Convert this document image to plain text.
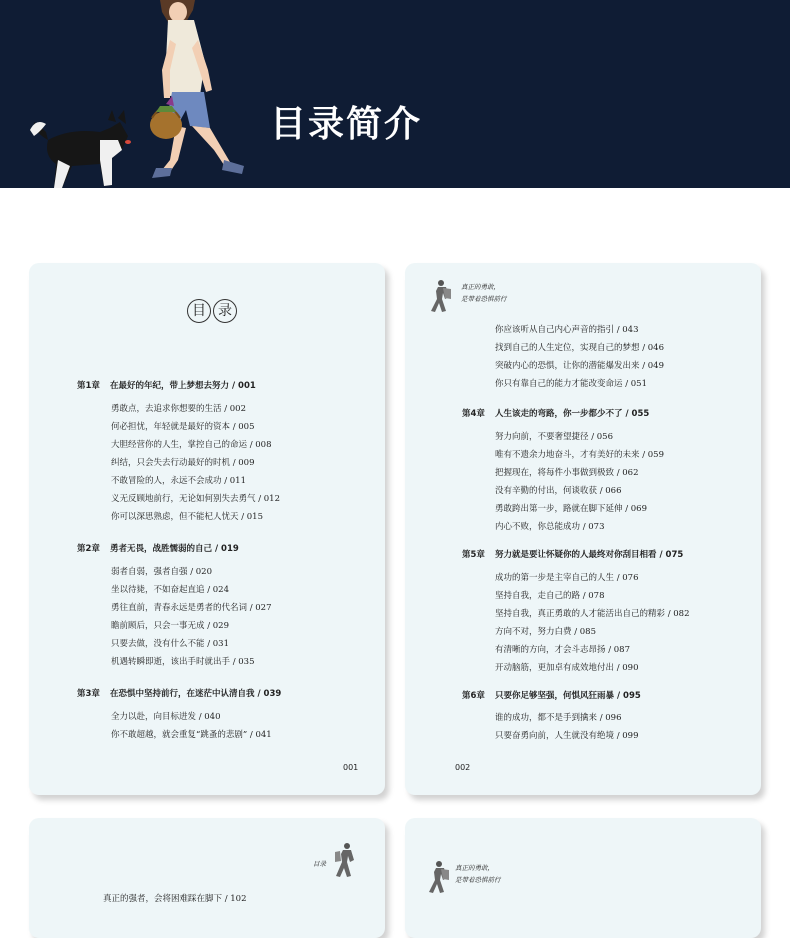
目录简介
目 录
第1章 在最好的年纪，带上梦想去努力 / 001
勇敢点，去追求你想要的生活 / 002
何必担忧，年轻就是最好的资本 / 005
大胆经营你的人生，掌控自己的命运 / 008
纠结，只会失去行动最好的时机 / 009
不敢冒险的人，永远不会成功 / 011
义无反顾地前行，无论如何别失去勇气 / 012
你可以深思熟虑，但不能杞人忧天 / 015
第2章 勇者无畏，战胜懦弱的自己 / 019
弱者自弱，强者自强 / 020
坐以待毙，不如奋起直追 / 024
勇往直前，青春永远是勇者的代名词 / 027
瞻前顾后，只会一事无成 / 029
只要去做，没有什么不能 / 031
机遇转瞬即逝，该出手时就出手 / 035
第3章 在恐惧中坚持前行，在迷茫中认清自我 / 039
全力以赴，向目标进发 / 040
你不敢超越，就会重复“跳蚤的悲剧” / 041
001
真正的勇敢，
是带着恐惧前行
你应该听从自己内心声音的指引 / 043
找到自己的人生定位，实现自己的梦想 / 046
突破内心的恐惧，让你的潜能爆发出来 / 049
你只有靠自己的能力才能改变命运 / 051
第4章 人生该走的弯路，你一步都少不了 / 055
努力向前，不要奢望捷径 / 056
唯有不遗余力地奋斗，才有美好的未来 / 059
把握现在，将每件小事做到极致 / 062
没有辛勤的付出，何谈收获 / 066
勇敢跨出第一步，路就在脚下延伸 / 069
内心不败，你总能成功 / 073
第5章 努力就是要让怀疑你的人最终对你刮目相看 / 075
成功的第一步是主宰自己的人生 / 076
坚持自我，走自己的路 / 078
坚持自我，真正勇敢的人才能活出自己的精彩 / 082
方向不对，努力白费 / 085
有清晰的方向，才会斗志昂扬 / 087
开动脑筋，更加卓有成效地付出 / 090
第6章 只要你足够坚强，何惧风狂雨暴 / 095
谁的成功，都不是手到擒来 / 096
只要奋勇向前，人生就没有绝境 / 099
002
目录
真正的强者，会将困难踩在脚下 / 102
真正的勇敢，
是带着恐惧前行
